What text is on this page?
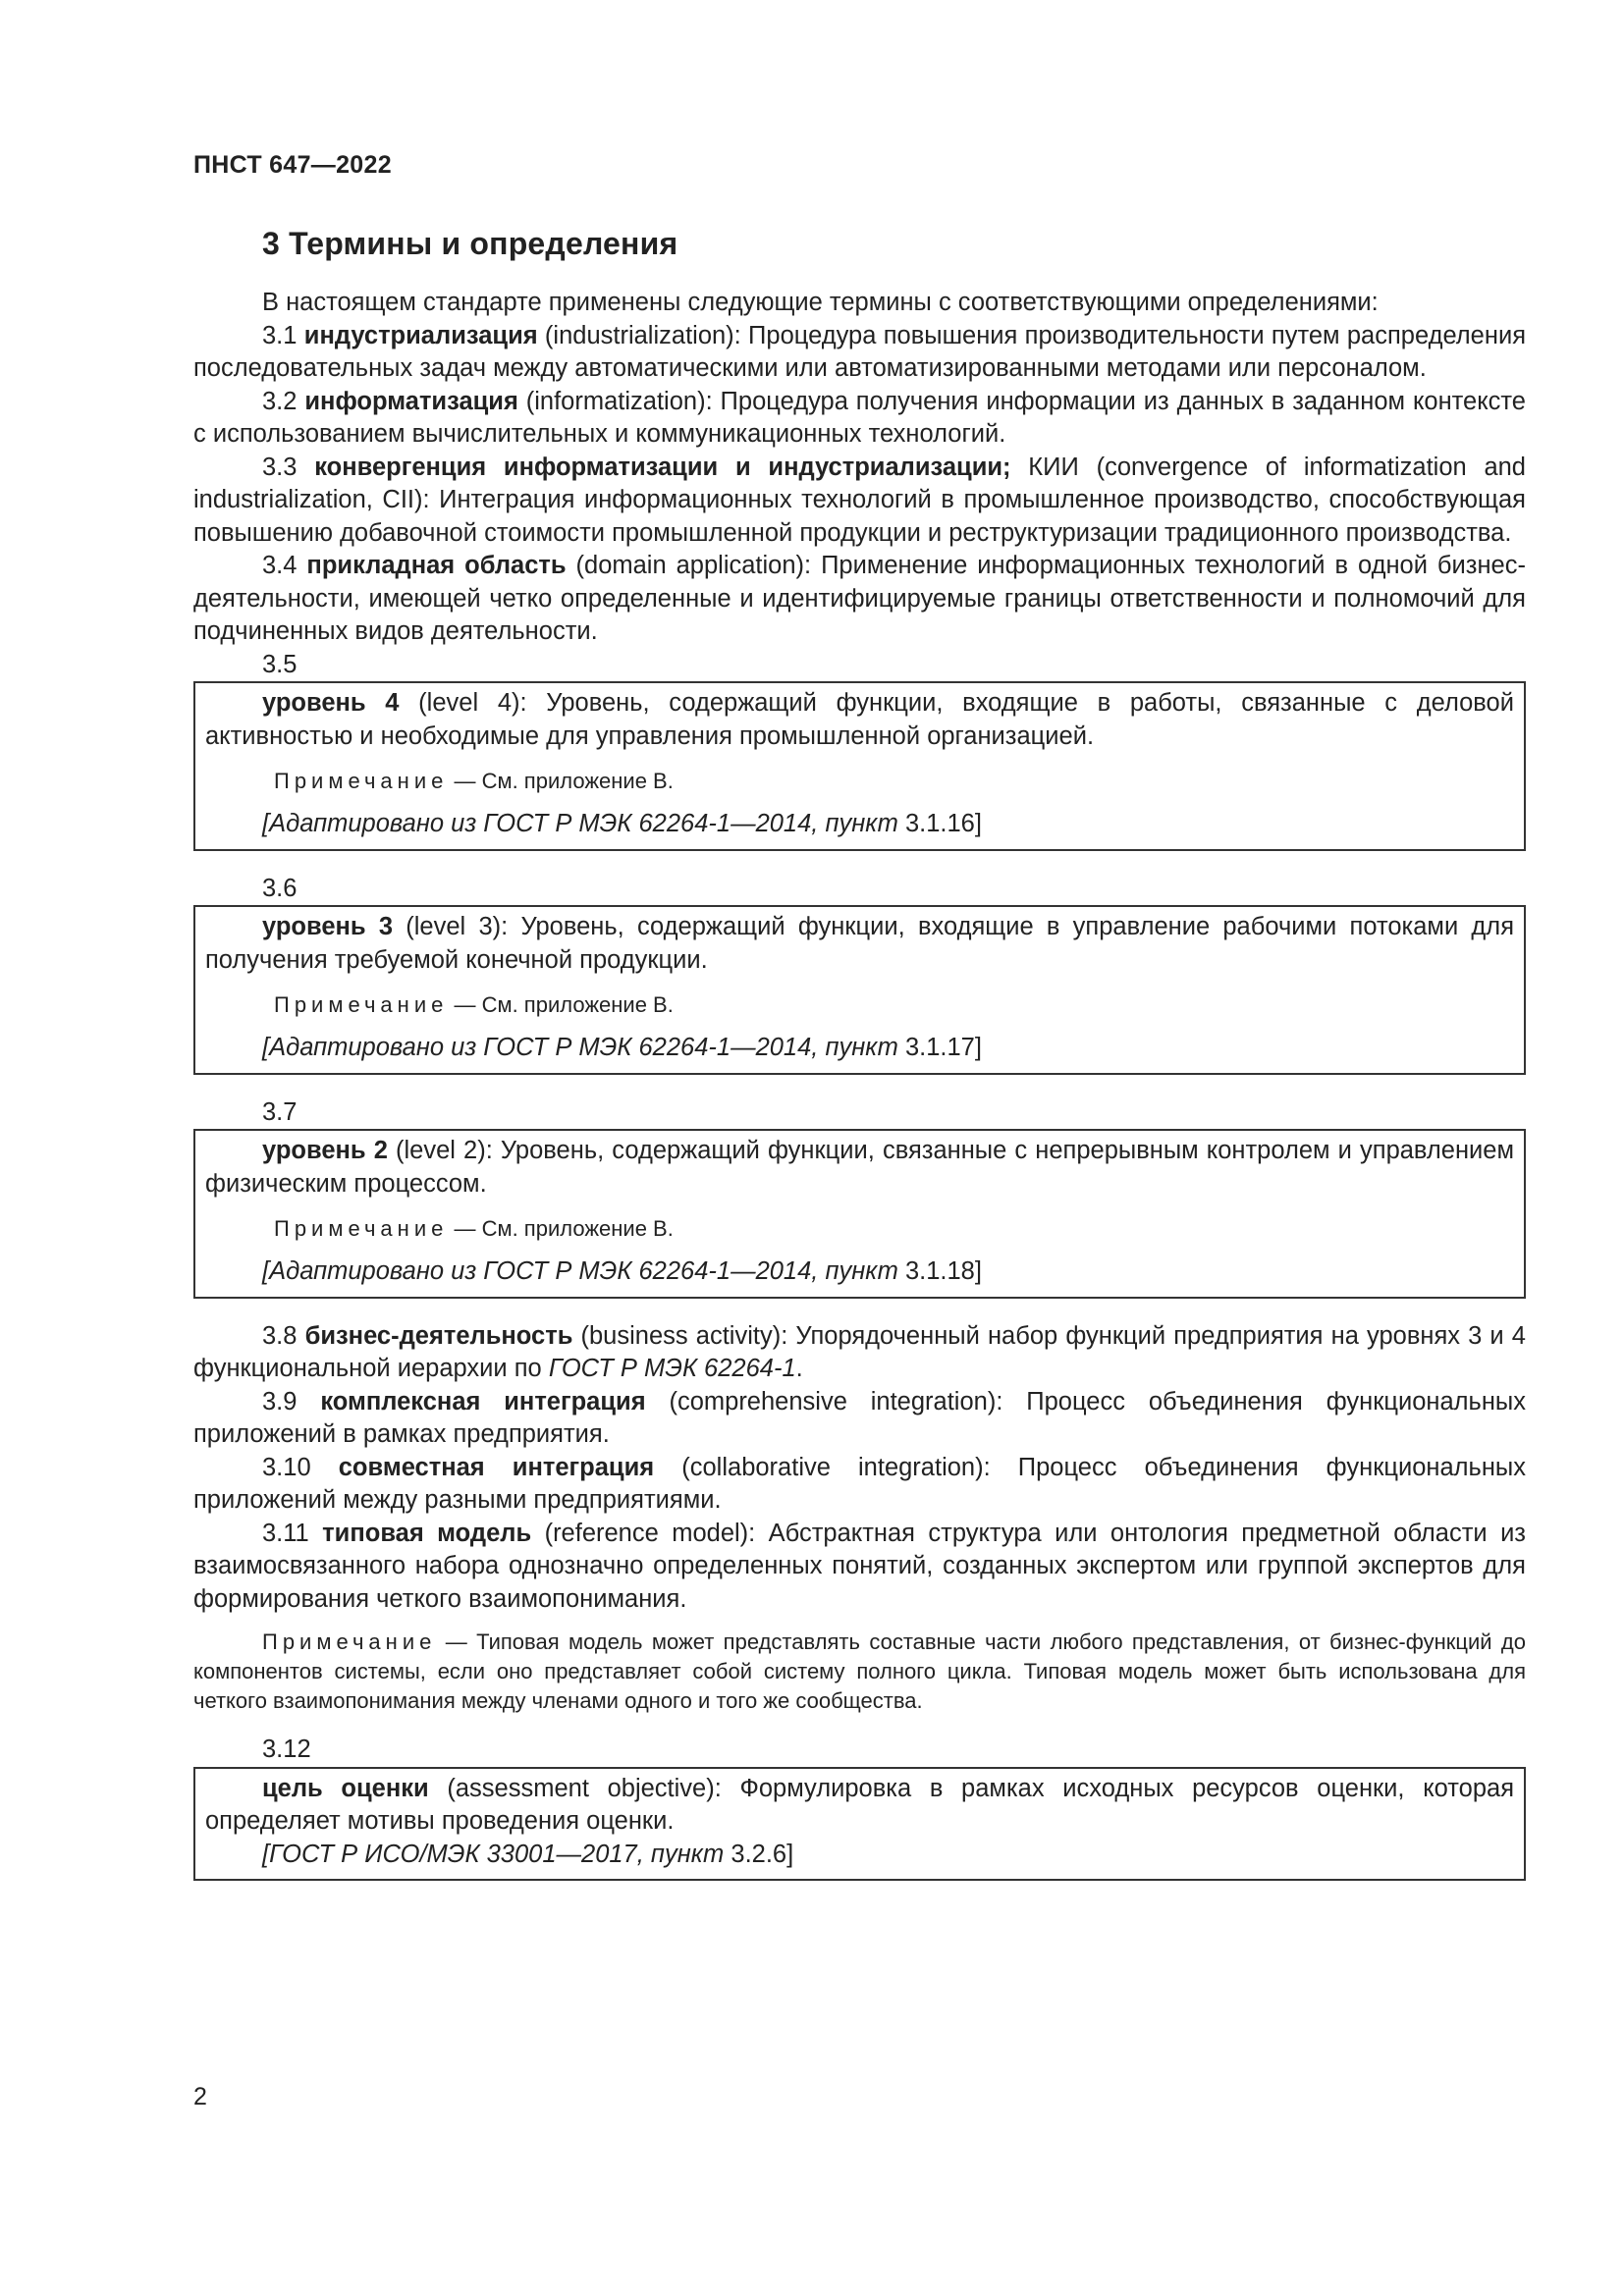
ПНСТ 647—2022
3 Термины и определения

В настоящем стандарте применены следующие термины с соответствующими определениями:

3.1 индустриализация (industrialization): Процедура повышения производительности путем распределения последовательных задач между автоматическими или автоматизированными методами или персоналом.

3.2 информатизация (informatization): Процедура получения информации из данных в заданном контексте с использованием вычислительных и коммуникационных технологий.

3.3 конвергенция информатизации и индустриализации; КИИ (convergence of informatization and industrialization, CII): Интеграция информационных технологий в промышленное производство, способствующая повышению добавочной стоимости промышленной продукции и реструктуризации традиционного производства.

3.4 прикладная область (domain application): Применение информационных технологий в одной бизнес-деятельности, имеющей четко определенные и идентифицируемые границы ответственности и полномочий для подчиненных видов деятельности.

3.5

уровень 4 (level 4): Уровень, содержащий функции, входящие в работы, связанные с деловой активностью и необходимые для управления промышленной организацией.

Примечание — См. приложение В.

[Адаптировано из ГОСТ Р МЭК 62264-1—2014, пункт 3.1.16]

3.6

уровень 3 (level 3): Уровень, содержащий функции, входящие в управление рабочими потоками для получения требуемой конечной продукции.

Примечание — См. приложение В.

[Адаптировано из ГОСТ Р МЭК 62264-1—2014, пункт 3.1.17]

3.7

уровень 2 (level 2): Уровень, содержащий функции, связанные с непрерывным контролем и управлением физическим процессом.

Примечание — См. приложение В.

[Адаптировано из ГОСТ Р МЭК 62264-1—2014, пункт 3.1.18]

3.8 бизнес-деятельность (business activity): Упорядоченный набор функций предприятия на уровнях 3 и 4 функциональной иерархии по ГОСТ Р МЭК 62264-1.

3.9 комплексная интеграция (comprehensive integration): Процесс объединения функциональных приложений в рамках предприятия.

3.10 совместная интеграция (collaborative integration): Процесс объединения функциональных приложений между разными предприятиями.

3.11 типовая модель (reference model): Абстрактная структура или онтология предметной области из взаимосвязанного набора однозначно определенных понятий, созданных экспертом или группой экспертов для формирования четкого взаимопонимания.

Примечание — Типовая модель может представлять составные части любого представления, от бизнес-функций до компонентов системы, если оно представляет собой систему полного цикла. Типовая модель может быть использована для четкого взаимопонимания между членами одного и того же сообщества.

3.12

цель оценки (assessment objective): Формулировка в рамках исходных ресурсов оценки, которая определяет мотивы проведения оценки.

[ГОСТ Р ИСО/МЭК 33001—2017, пункт 3.2.6]

2
